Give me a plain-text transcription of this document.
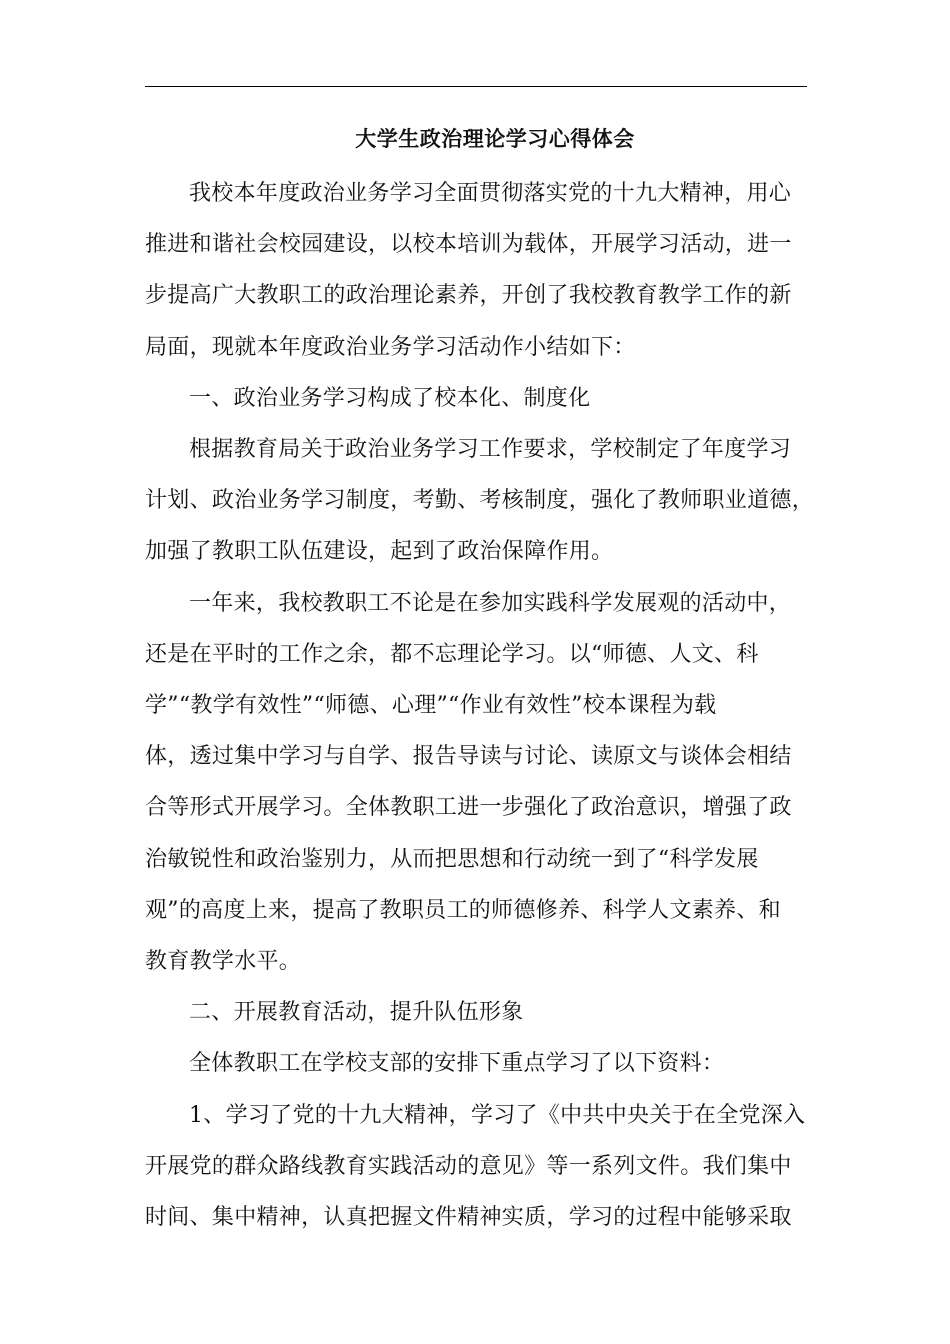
大学生政治理论学习心得体会

我校本年度政治业务学习全面贯彻落实党的十九大精神，用心
推进和谐社会校园建设，以校本培训为载体，开展学习活动，进一
步提高广大教职工的政治理论素养，开创了我校教育教学工作的新
局面，现就本年度政治业务学习活动作小结如下：

一、政治业务学习构成了校本化、制度化

根据教育局关于政治业务学习工作要求，学校制定了年度学习
计划、政治业务学习制度，考勤、考核制度，强化了教师职业道德，
加强了教职工队伍建设，起到了政治保障作用。

一年来，我校教职工不论是在参加实践科学发展观的活动中，
还是在平时的工作之余，都不忘理论学习。以“师德、人文、科
学”“教学有效性”“师德、心理”“作业有效性”校本课程为载
体，透过集中学习与自学、报告导读与讨论、读原文与谈体会相结
合等形式开展学习。全体教职工进一步强化了政治意识，增强了政
治敏锐性和政治鉴别力，从而把思想和行动统一到了“科学发展
观”的高度上来，提高了教职员工的师德修养、科学人文素养、和
教育教学水平。

二、开展教育活动，提升队伍形象

全体教职工在学校支部的安排下重点学习了以下资料：

1、学习了党的十九大精神，学习了《中共中央关于在全党深入
开展党的群众路线教育实践活动的意见》等一系列文件。我们集中
时间、集中精神，认真把握文件精神实质，学习的过程中能够采取
